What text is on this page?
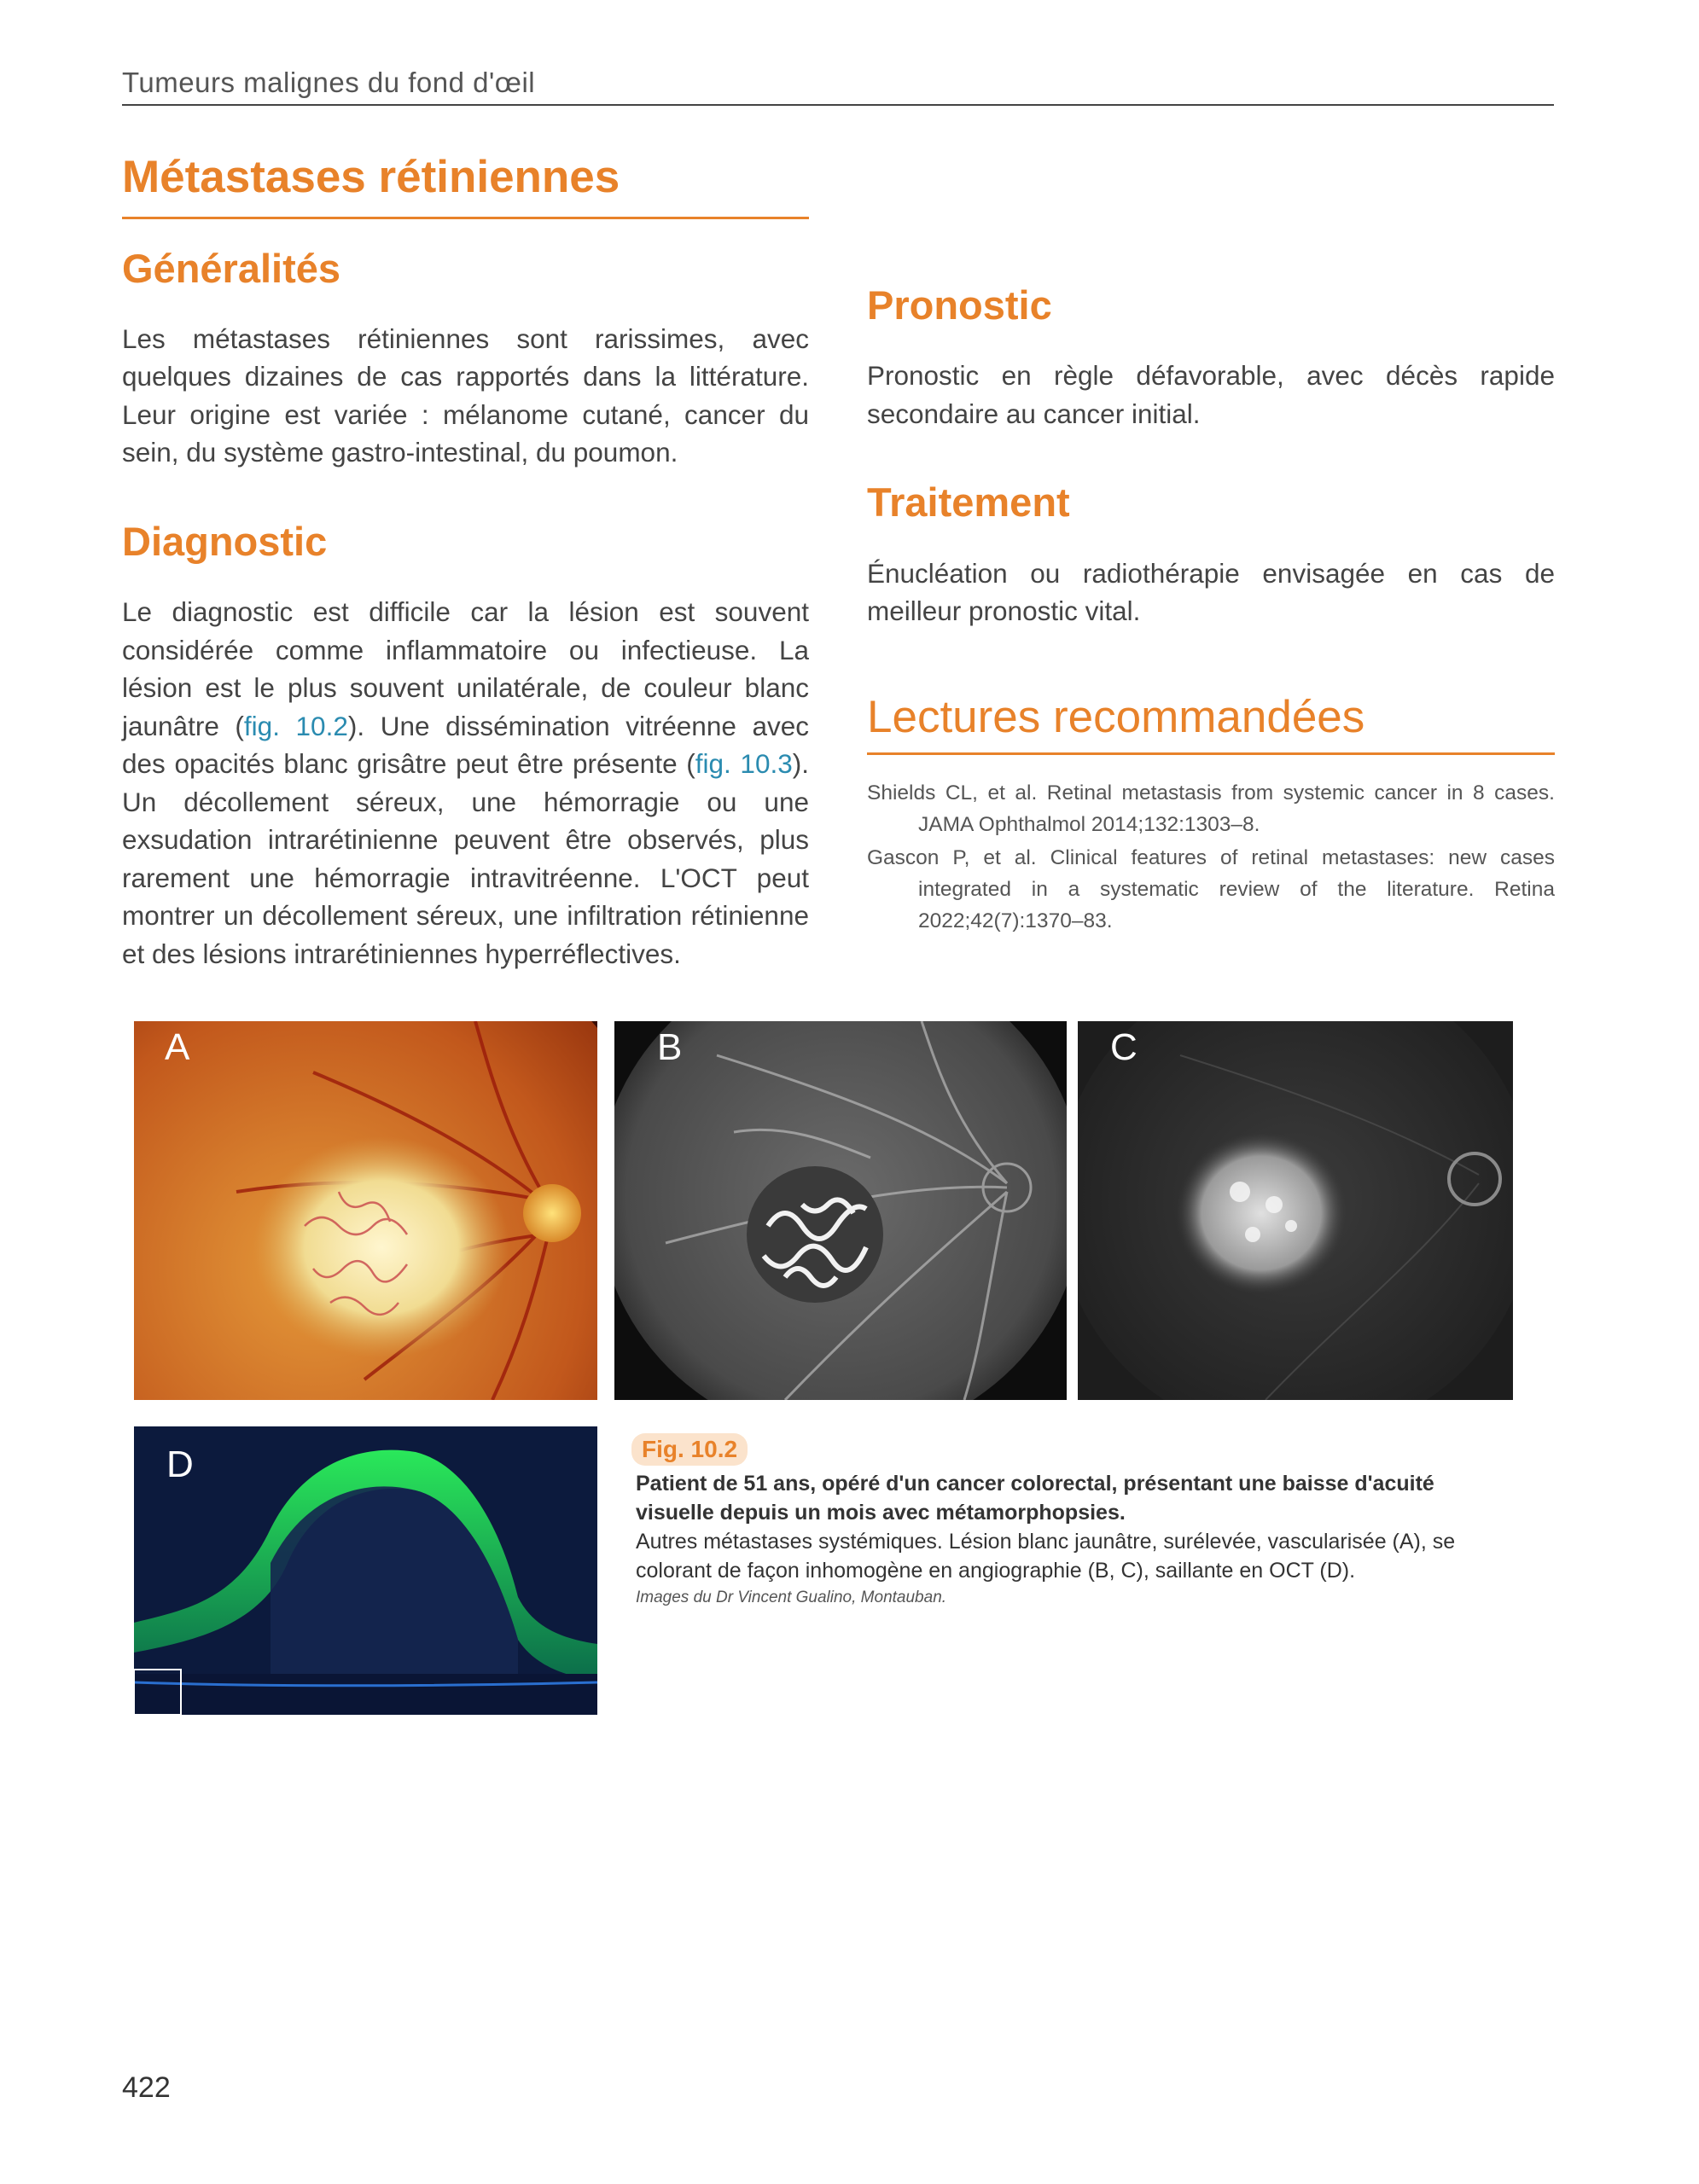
Tumeurs malignes du fond d'œil
Métastases rétiniennes
Généralités

Les métastases rétiniennes sont rarissimes, avec quelques dizaines de cas rapportés dans la littérature. Leur origine est variée : mélanome cutané, cancer du sein, du système gastro-intestinal, du poumon.

Diagnostic

Le diagnostic est difficile car la lésion est souvent considérée comme inflammatoire ou infectieuse. La lésion est le plus souvent unilatérale, de couleur blanc jaunâtre (fig. 10.2). Une dissémination vitréenne avec des opacités blanc grisâtre peut être présente (fig. 10.3). Un décollement séreux, une hémorragie ou une exsudation intrarétinienne peuvent être observés, plus rarement une hémorragie intravitréenne. L'OCT peut montrer un décollement séreux, une infiltration rétinienne et des lésions intrarétiniennes hyperréflectives.

Pronostic

Pronostic en règle défavorable, avec décès rapide secondaire au cancer initial.

Traitement

Énucléation ou radiothérapie envisagée en cas de meilleur pronostic vital.

Lectures recommandées
Shields CL, et al. Retinal metastasis from systemic cancer in 8 cases. JAMA Ophthalmol 2014;132:1303–8.
Gascon P, et al. Clinical features of retinal metastases: new cases integrated in a systematic review of the literature. Retina 2022;42(7):1370–83.
A	B	C
D	Fig. 10.2
Patient de 51 ans, opéré d'un cancer colorectal, présentant une baisse d'acuité visuelle depuis un mois avec métamorphopsies.
Autres métastases systémiques. Lésion blanc jaunâtre, surélevée, vascularisée (A), se colorant de façon inhomogène en angiographie (B, C), saillante en OCT (D).
Images du Dr Vincent Gualino, Montauban.
422
